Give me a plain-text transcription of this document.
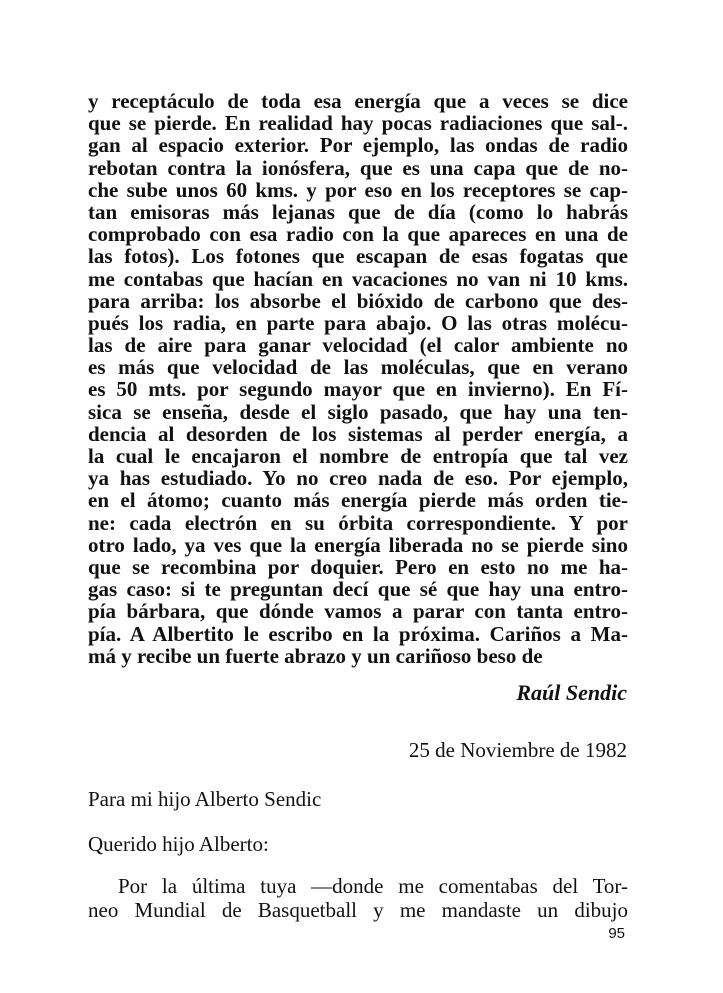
y receptáculo de toda esa energía que a veces se dice
que se pierde. En realidad hay pocas radiaciones que sal-.
gan al espacio exterior. Por ejemplo, las ondas de radio
rebotan contra la ionósfera, que es una capa que de no-
che sube unos 60 kms. y por eso en los receptores se cap-
tan emisoras más lejanas que de día (como lo habrás
comprobado con esa radio con la que apareces en una de
las fotos). Los fotones que escapan de esas fogatas que
me contabas que hacían en vacaciones no van ni 10 kms.
para arriba: los absorbe el bióxido de carbono que des-
pués los radia, en parte para abajo. O las otras molécu-
las de aire para ganar velocidad (el calor ambiente no
es más que velocidad de las moléculas, que en verano
es 50 mts. por segundo mayor que en invierno). En Fí-
sica se enseña, desde el siglo pasado, que hay una ten-
dencia al desorden de los sistemas al perder energía, a
la cual le encajaron el nombre de entropía que tal vez
ya has estudiado. Yo no creo nada de eso. Por ejemplo,
en el átomo; cuanto más energía pierde más orden tie-
ne: cada electrón en su órbita correspondiente. Y por
otro lado, ya ves que la energía liberada no se pierde sino
que se recombina por doquier. Pero en esto no me ha-
gas caso: si te preguntan decí que sé que hay una entro-
pía bárbara, que dónde vamos a parar con tanta entro-
pía. A Albertito le escribo en la próxima. Cariños a Ma-
má y recibe un fuerte abrazo y un cariñoso beso de
Raúl Sendic
25 de Noviembre de 1982
Para mi hijo Alberto Sendic
Querido hijo Alberto:
Por la última tuya —donde me comentabas del Tor-
neo Mundial de Basquetball y me mandaste un dibujo
95
